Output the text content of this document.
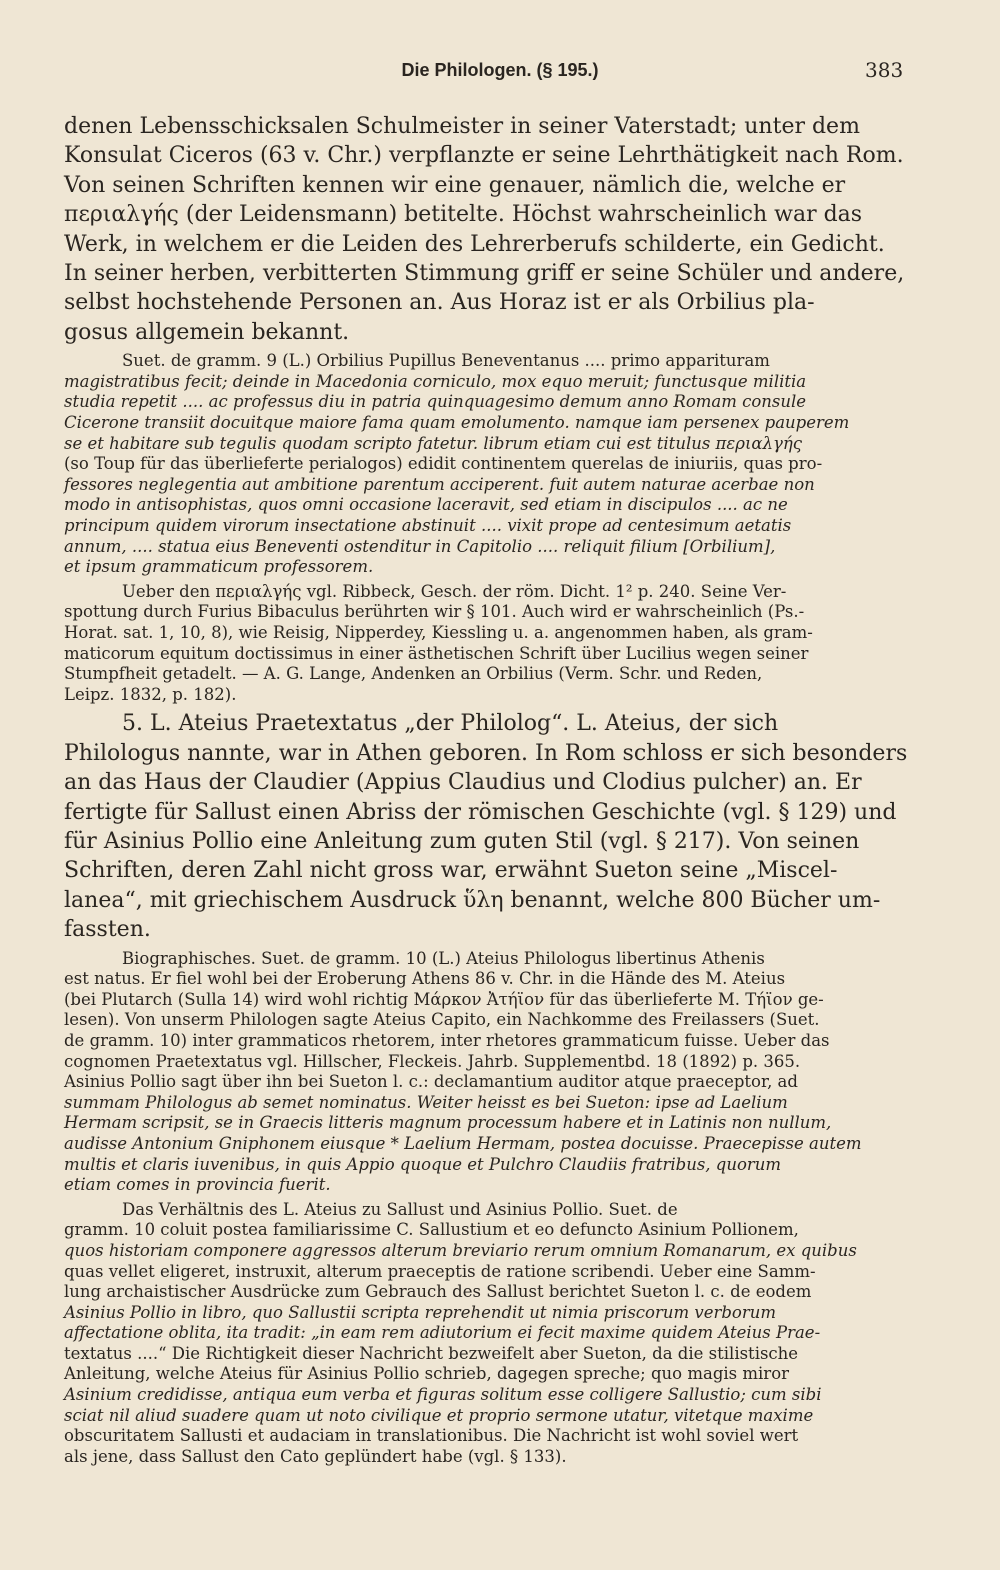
Die Philologen. (§ 195.)	383
denen Lebensschicksalen Schulmeister in seiner Vaterstadt; unter dem
Konsulat Ciceros (63 v. Chr.) verpflanzte er seine Lehrthätigkeit nach Rom.
Von seinen Schriften kennen wir eine genauer, nämlich die, welche er
περιαλγής (der Leidensmann) betitelte. Höchst wahrscheinlich war das
Werk, in welchem er die Leiden des Lehrerberufs schilderte, ein Gedicht.
In seiner herben, verbitterten Stimmung griff er seine Schüler und andere,
selbst hochstehende Personen an. Aus Horaz ist er als Orbilius pla-
gosus allgemein bekannt.
Suet. de gramm. 9 (L.) Orbilius Pupillus Beneventanus .... primo apparituram
magistratibus fecit; deinde in Macedonia corniculo, mox equo meruit; functusque militia
studia repetit .... ac professus diu in patria quinquagesimo demum anno Romam consule
Cicerone transiit docuitque maiore fama quam emolumento. namque iam persenex pauperem
se et habitare sub tegulis quodam scripto fatetur. librum etiam cui est titulus περιαλγής
(so Toup für das überlieferte perialogos) edidit continentem querelas de iniuriis, quas pro-
fessores neglegentia aut ambitione parentum acciperent. fuit autem naturae acerbae non
modo in antisophistas, quos omni occasione laceravit, sed etiam in discipulos .... ac ne
principum quidem virorum insectatione abstinuit .... vixit prope ad centesimum aetatis
annum, .... statua eius Beneventi ostenditur in Capitolio .... reliquit filium [Orbilium],
et ipsum grammaticum professorem.
Ueber den περιαλγής vgl. Ribbeck, Gesch. der röm. Dicht. 1² p. 240. Seine Ver-
spottung durch Furius Bibaculus berührten wir § 101. Auch wird er wahrscheinlich (Ps.-
Horat. sat. 1, 10, 8), wie Reisig, Nipperdey, Kiessling u. a. angenommen haben, als gram-
maticorum equitum doctissimus in einer ästhetischen Schrift über Lucilius wegen seiner
Stumpfheit getadelt. — A. G. Lange, Andenken an Orbilius (Verm. Schr. und Reden,
Leipz. 1832, p. 182).
5. L. Ateius Praetextatus „der Philolog“. L. Ateius, der sich
Philologus nannte, war in Athen geboren. In Rom schloss er sich besonders
an das Haus der Claudier (Appius Claudius und Clodius pulcher) an. Er
fertigte für Sallust einen Abriss der römischen Geschichte (vgl. § 129) und
für Asinius Pollio eine Anleitung zum guten Stil (vgl. § 217). Von seinen
Schriften, deren Zahl nicht gross war, erwähnt Sueton seine „Miscel-
lanea“, mit griechischem Ausdruck ὕλη benannt, welche 800 Bücher um-
fassten.
Biographisches. Suet. de gramm. 10 (L.) Ateius Philologus libertinus Athenis
est natus. Er fiel wohl bei der Eroberung Athens 86 v. Chr. in die Hände des M. Ateius
(bei Plutarch (Sulla 14) wird wohl richtig Μάρκον Ἀτήϊον für das überlieferte M. Τήϊον ge-
lesen). Von unserm Philologen sagte Ateius Capito, ein Nachkomme des Freilassers (Suet.
de gramm. 10) inter grammaticos rhetorem, inter rhetores grammaticum fuisse. Ueber das
cognomen Praetextatus vgl. Hillscher, Fleckeis. Jahrb. Supplementbd. 18 (1892) p. 365.
Asinius Pollio sagt über ihn bei Sueton l. c.: declamantium auditor atque praeceptor, ad
summam Philologus ab semet nominatus. Weiter heisst es bei Sueton: ipse ad Laelium
Hermam scripsit, se in Graecis litteris magnum processum habere et in Latinis non nullum,
audisse Antonium Gniphonem eiusque * Laelium Hermam, postea docuisse. Praecepisse autem
multis et claris iuvenibus, in quis Appio quoque et Pulchro Claudiis fratribus, quorum
etiam comes in provincia fuerit.
Das Verhältnis des L. Ateius zu Sallust und Asinius Pollio. Suet. de
gramm. 10 coluit postea familiarissime C. Sallustium et eo defuncto Asinium Pollionem,
quos historiam componere aggressos alterum breviario rerum omnium Romanarum, ex quibus
quas vellet eligeret, instruxit, alterum praeceptis de ratione scribendi. Ueber eine Samm-
lung archaistischer Ausdrücke zum Gebrauch des Sallust berichtet Sueton l. c. de eodem
Asinius Pollio in libro, quo Sallustii scripta reprehendit ut nimia priscorum verborum
affectatione oblita, ita tradit: „in eam rem adiutorium ei fecit maxime quidem Ateius Prae-
textatus ....“ Die Richtigkeit dieser Nachricht bezweifelt aber Sueton, da die stilistische
Anleitung, welche Ateius für Asinius Pollio schrieb, dagegen spreche; quo magis miror
Asinium credidisse, antiqua eum verba et figuras solitum esse colligere Sallustio; cum sibi
sciat nil aliud suadere quam ut noto civilique et proprio sermone utatur, vitetque maxime
obscuritatem Sallusti et audaciam in translationibus. Die Nachricht ist wohl soviel wert
als jene, dass Sallust den Cato geplündert habe (vgl. § 133).
